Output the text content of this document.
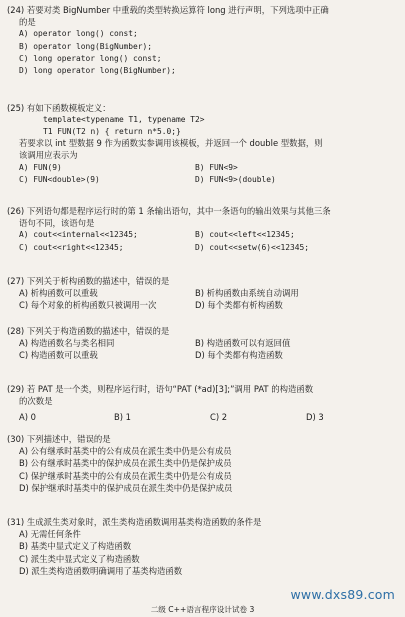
(24) 若要对类 BigNumber 中重载的类型转换运算符 long 进行声明，下列选项中正确
的是
A) operator long() const;
B) operator long(BigNumber);
C) long operator long() const;
D) long operator long(BigNumber);
(25) 有如下函数模板定义：
template<typename T1, typename T2>
T1 FUN(T2 n) { return n*5.0;}
若要求以 int 型数据 9 作为函数实参调用该模板，并返回一个 double 型数据，则
该调用应表示为
A) FUN(9)	B) FUN<9>
C) FUN<double>(9)	D) FUN<9>(double)
(26) 下列语句都是程序运行时的第 1 条输出语句，其中一条语句的输出效果与其他三条
语句不同，该语句是
A) cout<<internal<<12345;	B) cout<<left<<12345;
C) cout<<right<<12345;	D) cout<<setw(6)<<12345;
(27) 下列关于析构函数的描述中，错误的是
A) 析构函数可以重载	B) 析构函数由系统自动调用
C) 每个对象的析构函数只被调用一次	D) 每个类都有析构函数
(28) 下列关于构造函数的描述中，错误的是
A) 构造函数名与类名相同	B) 构造函数可以有返回值
C) 构造函数可以重载	D) 每个类都有构造函数
(29) 若 PAT 是一个类，则程序运行时，语句“PAT (*ad)[3];”调用 PAT 的构造函数
的次数是
A) 0	B) 1	C) 2	D) 3
(30) 下列描述中，错误的是
A) 公有继承时基类中的公有成员在派生类中仍是公有成员
B) 公有继承时基类中的保护成员在派生类中仍是保护成员
C) 保护继承时基类中的公有成员在派生类中仍是公有成员
D) 保护继承时基类中的保护成员在派生类中仍是保护成员
(31) 生成派生类对象时，派生类构造函数调用基类构造函数的条件是
A) 无需任何条件
B) 基类中显式定义了构造函数
C) 派生类中显式定义了构造函数
D) 派生类构造函数明确调用了基类构造函数
www.dxs89.com
二级 C++语言程序设计试卷 3
